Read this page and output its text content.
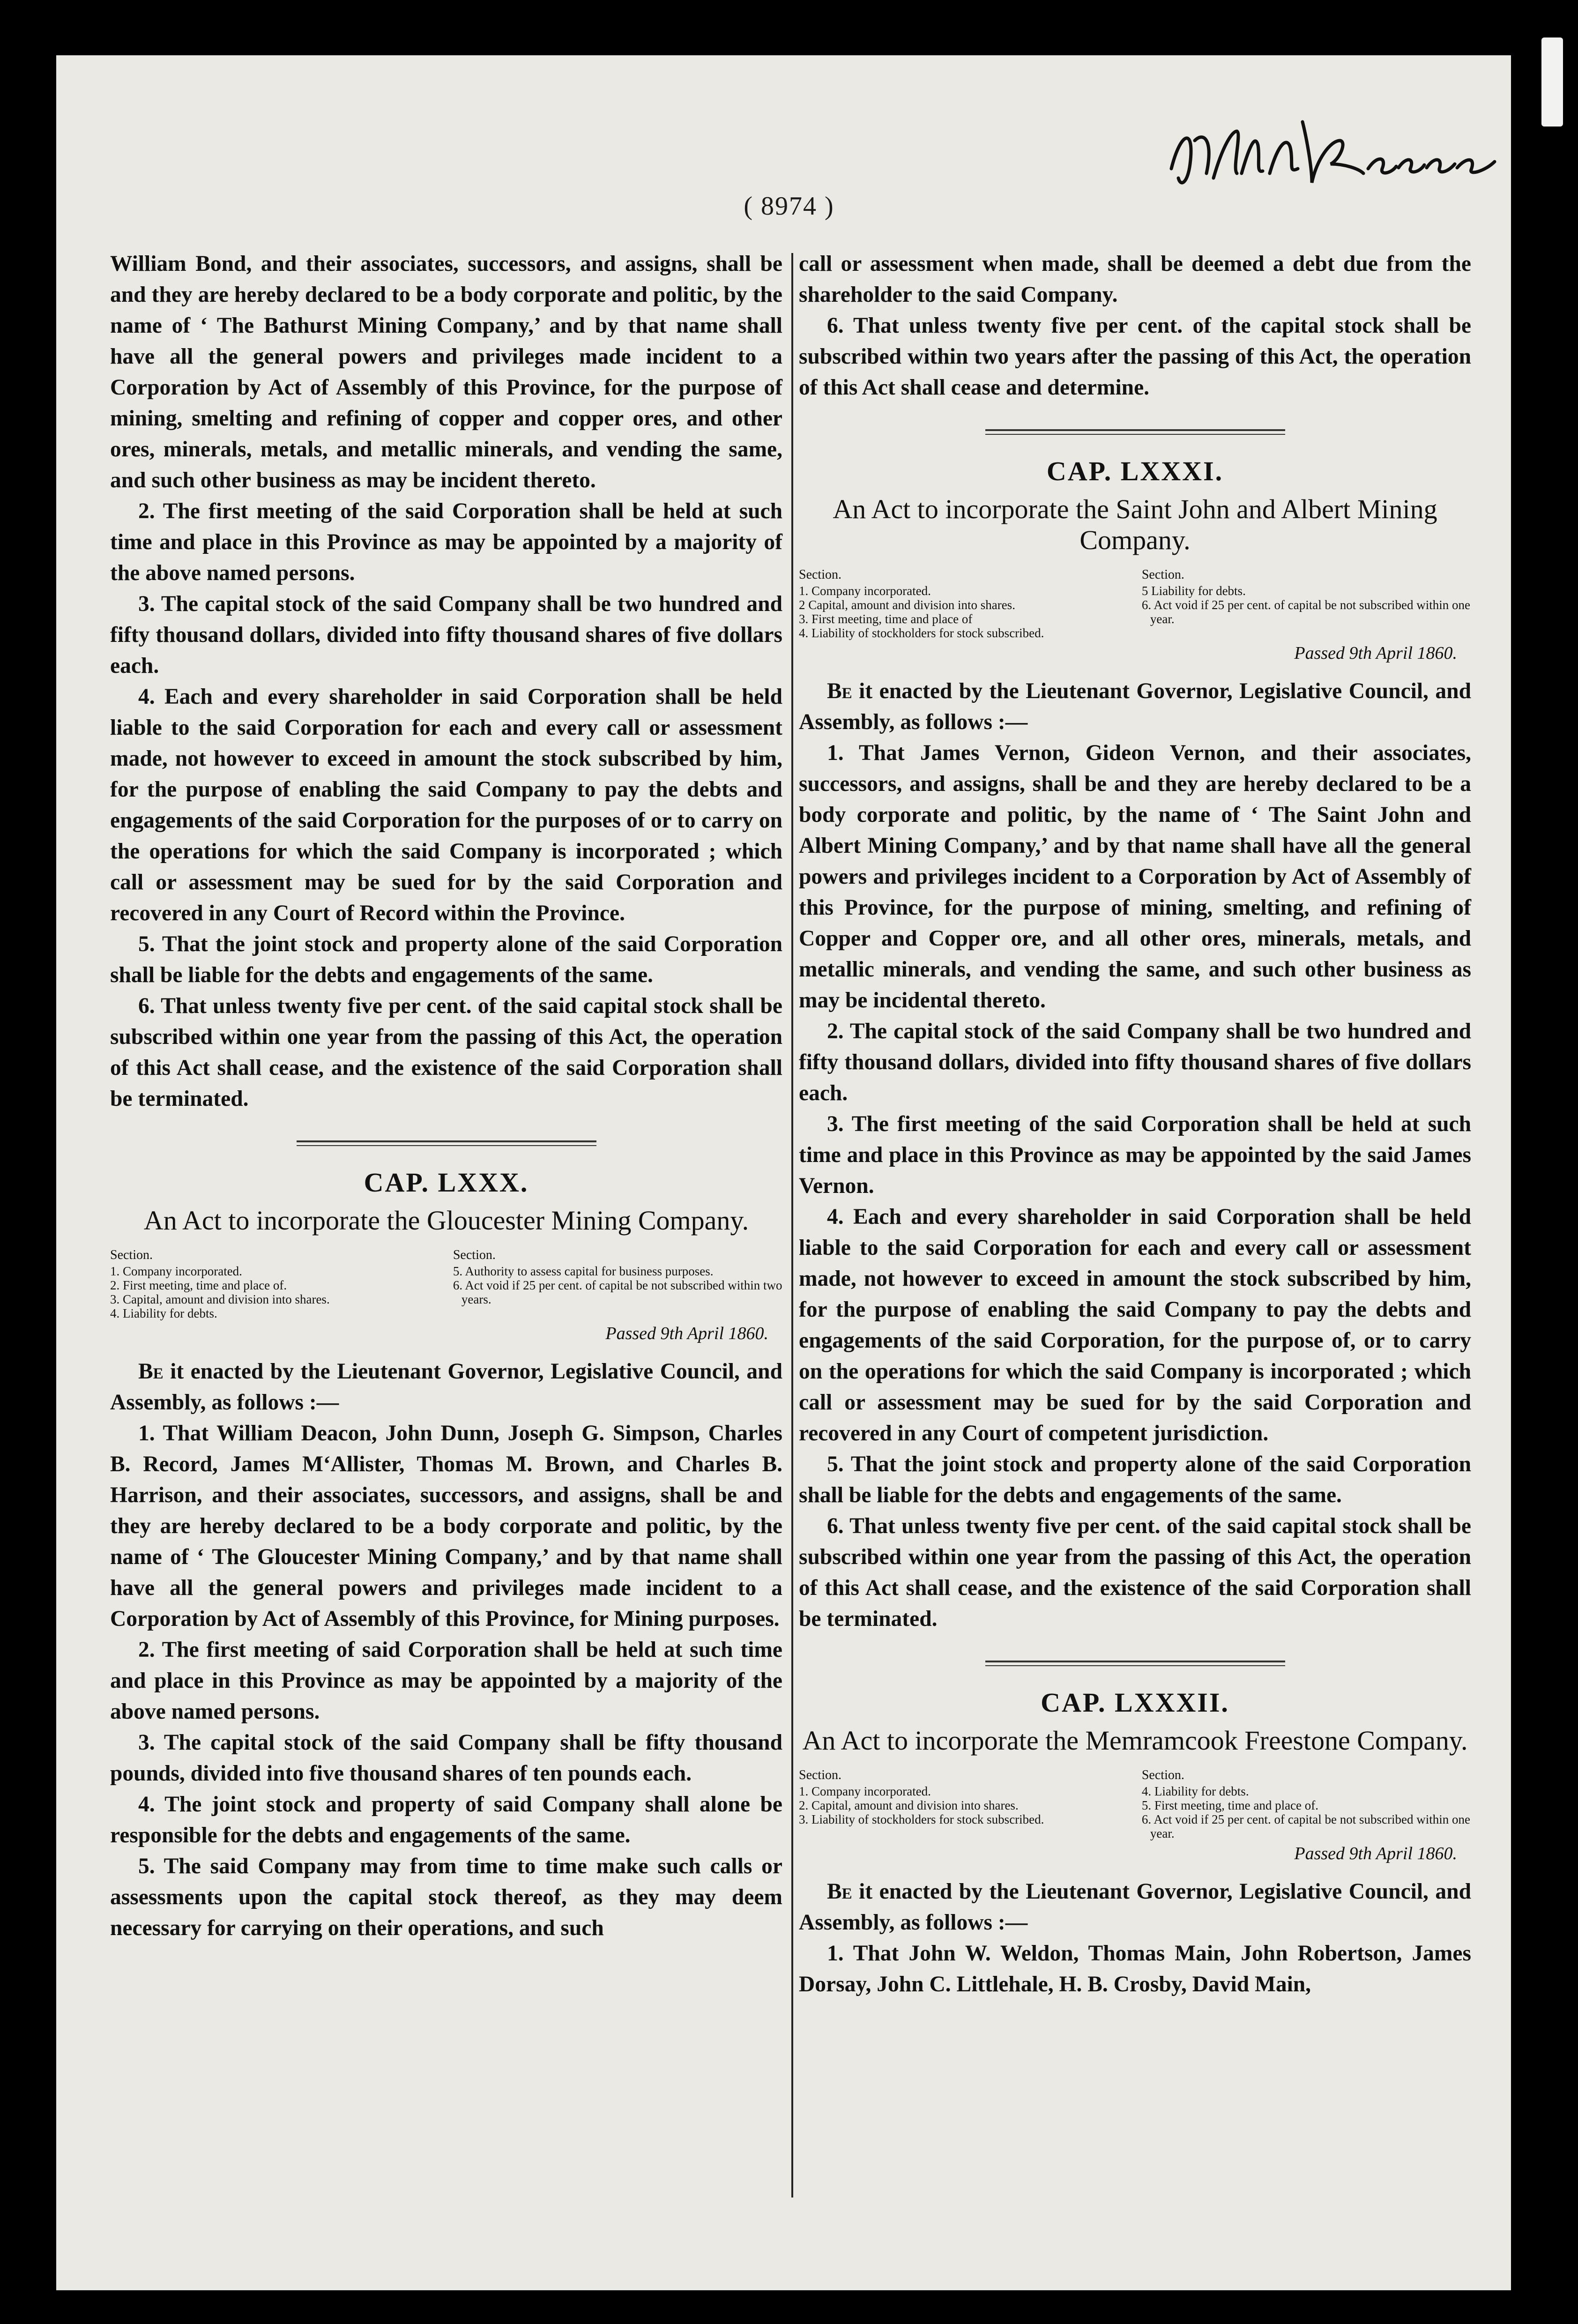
( 8974 )

William Bond, and their associates, successors, and assigns, shall be and they are hereby declared to be a body corporate and politic, by the name of ‘ The Bathurst Mining Company,’ and by that name shall have all the general powers and privileges made incident to a Corporation by Act of Assembly of this Province, for the purpose of mining, smelting and refining of copper and copper ores, and other ores, minerals, metals, and metallic minerals, and vending the same, and such other business as may be incident thereto.

2. The first meeting of the said Corporation shall be held at such time and place in this Province as may be appointed by a majority of the above named persons.

3. The capital stock of the said Company shall be two hundred and fifty thousand dollars, divided into fifty thousand shares of five dollars each.

4. Each and every shareholder in said Corporation shall be held liable to the said Corporation for each and every call or assessment made, not however to exceed in amount the stock subscribed by him, for the purpose of enabling the said Company to pay the debts and engagements of the said Corporation for the purposes of or to carry on the operations for which the said Company is incorporated ; which call or assessment may be sued for by the said Corporation and recovered in any Court of Record within the Province.

5. That the joint stock and property alone of the said Corporation shall be liable for the debts and engagements of the same.

6. That unless twenty five per cent. of the said capital stock shall be subscribed within one year from the passing of this Act, the operation of this Act shall cease, and the existence of the said Corporation shall be terminated.

CAP. LXXX.
An Act to incorporate the Gloucester Mining Company.
Section.
1. Company incorporated.
2. First meeting, time and place of.
3. Capital, amount and division into shares.
4. Liability for debts.
Section.
5. Authority to assess capital for business purposes.
6. Act void if 25 per cent. of capital be not subscribed within two years.
Passed 9th April 1860.

Be it enacted by the Lieutenant Governor, Legislative Council, and Assembly, as follows :—

1. That William Deacon, John Dunn, Joseph G. Simpson, Charles B. Record, James M‘Allister, Thomas M. Brown, and Charles B. Harrison, and their associates, successors, and assigns, shall be and they are hereby declared to be a body corporate and politic, by the name of ‘ The Gloucester Mining Company,’ and by that name shall have all the general powers and privileges made incident to a Corporation by Act of Assembly of this Province, for Mining purposes.

2. The first meeting of said Corporation shall be held at such time and place in this Province as may be appointed by a majority of the above named persons.

3. The capital stock of the said Company shall be fifty thousand pounds, divided into five thousand shares of ten pounds each.

4. The joint stock and property of said Company shall alone be responsible for the debts and engagements of the same.

5. The said Company may from time to time make such calls or assessments upon the capital stock thereof, as they may deem necessary for carrying on their operations, and such

call or assessment when made, shall be deemed a debt due from the shareholder to the said Company.

6. That unless twenty five per cent. of the capital stock shall be subscribed within two years after the passing of this Act, the operation of this Act shall cease and determine.

CAP. LXXXI.
An Act to incorporate the Saint John and Albert Mining Company.
Section.
1. Company incorporated.
2 Capital, amount and division into shares.
3. First meeting, time and place of
4. Liability of stockholders for stock subscribed.
Section.
5 Liability for debts.
6. Act void if 25 per cent. of capital be not subscribed within one year.
Passed 9th April 1860.

Be it enacted by the Lieutenant Governor, Legislative Council, and Assembly, as follows :—

1. That James Vernon, Gideon Vernon, and their associates, successors, and assigns, shall be and they are hereby declared to be a body corporate and politic, by the name of ‘ The Saint John and Albert Mining Company,’ and by that name shall have all the general powers and privileges incident to a Corporation by Act of Assembly of this Province, for the purpose of mining, smelting, and refining of Copper and Copper ore, and all other ores, minerals, metals, and metallic minerals, and vending the same, and such other business as may be incidental thereto.

2. The capital stock of the said Company shall be two hundred and fifty thousand dollars, divided into fifty thousand shares of five dollars each.

3. The first meeting of the said Corporation shall be held at such time and place in this Province as may be appointed by the said James Vernon.

4. Each and every shareholder in said Corporation shall be held liable to the said Corporation for each and every call or assessment made, not however to exceed in amount the stock subscribed by him, for the purpose of enabling the said Company to pay the debts and engagements of the said Corporation, for the purpose of, or to carry on the operations for which the said Company is incorporated ; which call or assessment may be sued for by the said Corporation and recovered in any Court of competent jurisdiction.

5. That the joint stock and property alone of the said Corporation shall be liable for the debts and engagements of the same.

6. That unless twenty five per cent. of the said capital stock shall be subscribed within one year from the passing of this Act, the operation of this Act shall cease, and the existence of the said Corporation shall be terminated.

CAP. LXXXII.
An Act to incorporate the Memramcook Freestone Company.
Section.
1. Company incorporated.
2. Capital, amount and division into shares.
3. Liability of stockholders for stock subscribed.
Section.
4. Liability for debts.
5. First meeting, time and place of.
6. Act void if 25 per cent. of capital be not subscribed within one year.
Passed 9th April 1860.

Be it enacted by the Lieutenant Governor, Legislative Council, and Assembly, as follows :—

1. That John W. Weldon, Thomas Main, John Robertson, James Dorsay, John C. Littlehale, H. B. Crosby, David Main,
